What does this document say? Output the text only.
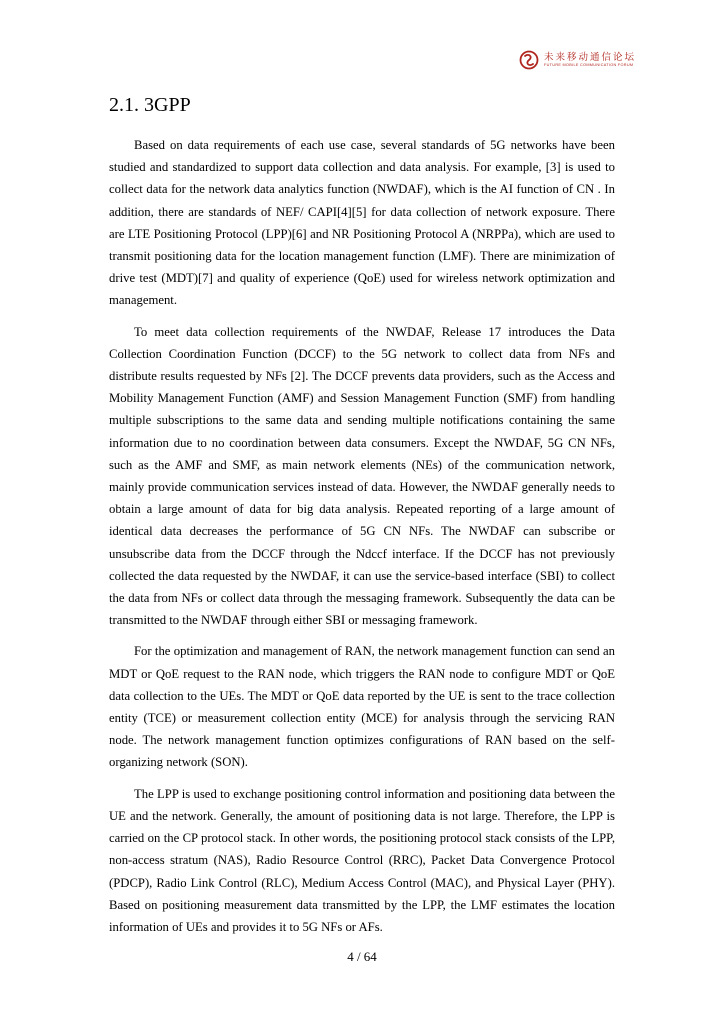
未来移动通信论坛
FUTURE MOBILE COMMUNICATION FORUM
2.1. 3GPP

Based on data requirements of each use case, several standards of 5G networks have been studied and standardized to support data collection and data analysis. For example, [3] is used to collect data for the network data analytics function (NWDAF), which is the AI function of CN . In addition, there are standards of NEF/ CAPI[4][5] for data collection of network exposure. There are LTE Positioning Protocol (LPP)[6] and NR Positioning Protocol A (NRPPa), which are used to transmit positioning data for the location management function (LMF). There are minimization of drive test (MDT)[7] and quality of experience (QoE) used for wireless network optimization and management.

To meet data collection requirements of the NWDAF, Release 17 introduces the Data Collection Coordination Function (DCCF) to the 5G network to collect data from NFs and distribute results requested by NFs [2]. The DCCF prevents data providers, such as the Access and Mobility Management Function (AMF) and Session Management Function (SMF) from handling multiple subscriptions to the same data and sending multiple notifications containing the same information due to no coordination between data consumers. Except the NWDAF, 5G CN NFs, such as the AMF and SMF, as main network elements (NEs) of the communication network, mainly provide communication services instead of data. However, the NWDAF generally needs to obtain a large amount of data for big data analysis. Repeated reporting of a large amount of identical data decreases the performance of 5G CN NFs. The NWDAF can subscribe or unsubscribe data from the DCCF through the Ndccf interface. If the DCCF has not previously collected the data requested by the NWDAF, it can use the service-based interface (SBI) to collect the data from NFs or collect data through the messaging framework. Subsequently the data can be transmitted to the NWDAF through either SBI or messaging framework.

For the optimization and management of RAN, the network management function can send an MDT or QoE request to the RAN node, which triggers the RAN node to configure MDT or QoE data collection to the UEs. The MDT or QoE data reported by the UE is sent to the trace collection entity (TCE) or measurement collection entity (MCE) for analysis through the servicing RAN node. The network management function optimizes configurations of RAN based on the self-organizing network (SON).

The LPP is used to exchange positioning control information and positioning data between the UE and the network. Generally, the amount of positioning data is not large. Therefore, the LPP is carried on the CP protocol stack. In other words, the positioning protocol stack consists of the LPP, non-access stratum (NAS), Radio Resource Control (RRC), Packet Data Convergence Protocol (PDCP), Radio Link Control (RLC), Medium Access Control (MAC), and Physical Layer (PHY). Based on positioning measurement data transmitted by the LPP, the LMF estimates the location information of UEs and provides it to 5G NFs or AFs.

4 / 64
